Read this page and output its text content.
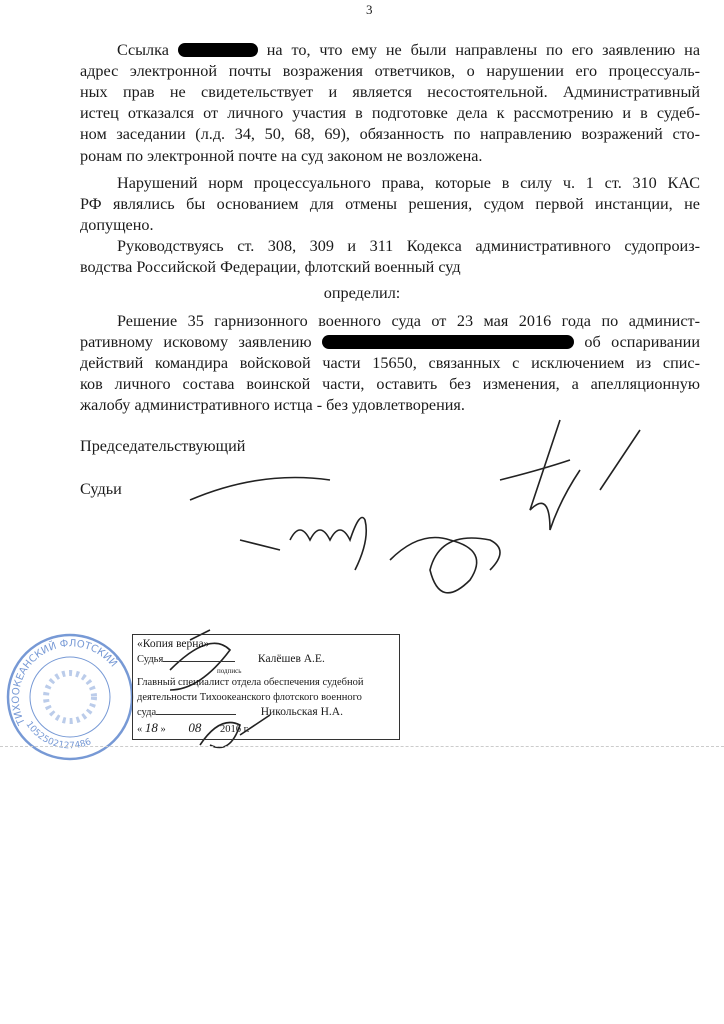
3
Ссылка	на то, что ему не были направлены по его заявлению на
адрес электронной почты возражения ответчиков, о нарушении его процессуаль-
ных прав не свидетельствует и является несостоятельной. Административный
истец отказался от личного участия в подготовке дела к рассмотрению и в судеб-
ном заседании (л.д. 34, 50, 68, 69), обязанность по направлению возражений сто-
ронам по электронной почте на суд законом не возложена.
Нарушений норм процессуального права, которые в силу ч. 1 ст. 310 КАС
РФ являлись бы основанием для отмены решения, судом первой инстанции, не
допущено.
Руководствуясь ст. 308, 309 и 311 Кодекса административного судопроиз-
водства Российской Федерации, флотский военный суд
определил:
Решение 35 гарнизонного военного суда от 23 мая 2016 года по админист-
ративному исковому заявлению	об оспаривании
действий командира войсковой части 15650, связанных с исключением из спис-
ков личного состава воинской части, оставить без изменения, а апелляционную
жалобу административного истца - без удовлетворения.
Председательствующий
Судьи
ТИХООКЕАНСКИЙ ФЛОТСКИЙ
1052502127486
«Копия верна»
Судья	Калёшев А.Е.
подпись
Главный специалист отдела обеспечения судебной
деятельности Тихоокеанского флотского военного
суда	Никольская Н.А.
« 18 » 08 2016 г.
